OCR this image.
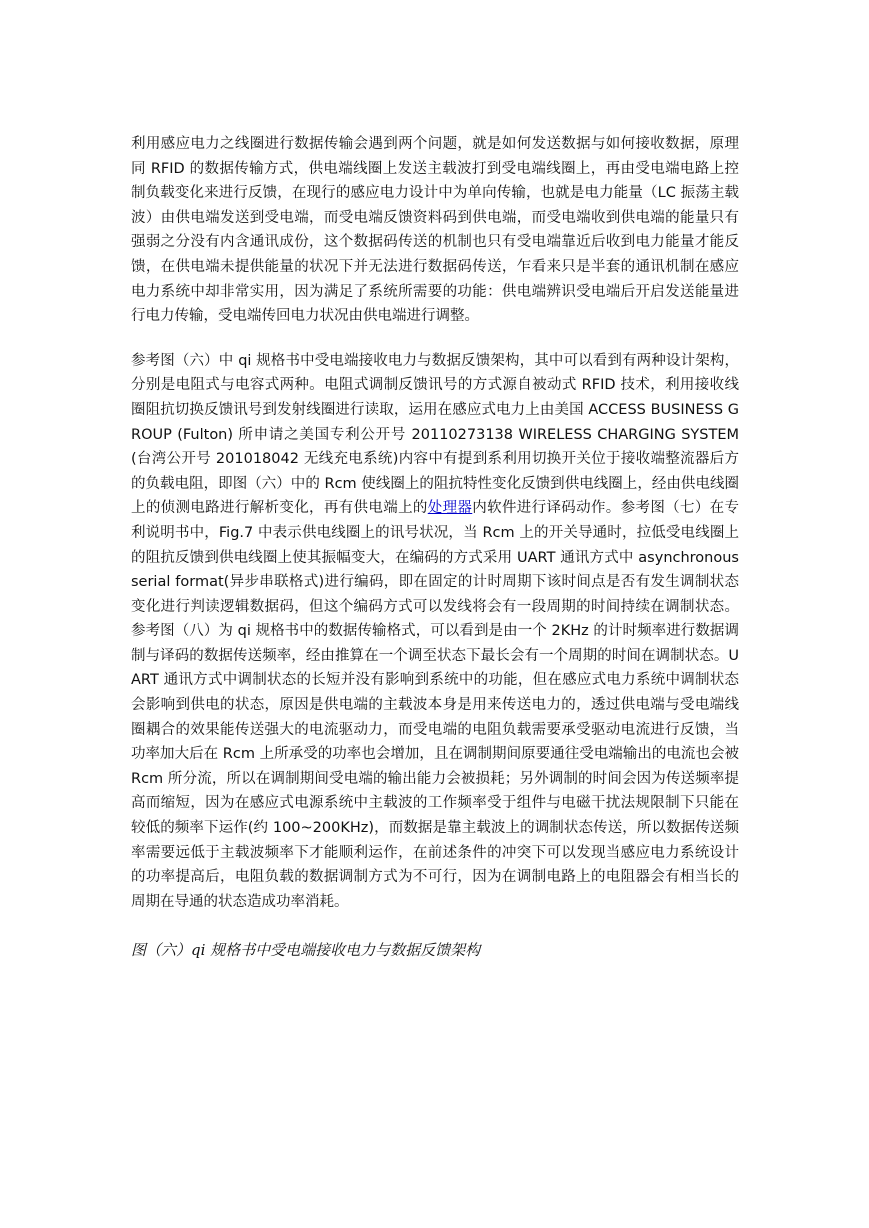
利用感应电力之线圈进行数据传输会遇到两个问题，就是如何发送数据与如何接收数据，原理同 RFID 的数据传输方式，供电端线圈上发送主载波打到受电端线圈上，再由受电端电路上控制负载变化来进行反馈，在现行的感应电力设计中为单向传输，也就是电力能量（LC 振荡主载波）由供电端发送到受电端，而受电端反馈资料码到供电端，而受电端收到供电端的能量只有强弱之分没有内含通讯成份，这个数据码传送的机制也只有受电端靠近后收到电力能量才能反馈，在供电端未提供能量的状况下并无法进行数据码传送，乍看来只是半套的通讯机制在感应电力系统中却非常实用，因为满足了系统所需要的功能：供电端辨识受电端后开启发送能量进行电力传输，受电端传回电力状况由供电端进行调整。

参考图（六）中 qi 规格书中受电端接收电力与数据反馈架构，其中可以看到有两种设计架构，分别是电阻式与电容式两种。电阻式调制反馈讯号的方式源自被动式 RFID 技术，利用接收线圈阻抗切换反馈讯号到发射线圈进行读取，运用在感应式电力上由美国 ACCESS BUSINESS GROUP (Fulton) 所申请之美国专利公开号 20110273138 WIRELESS CHARGING SYSTEM (台湾公开号 201018042 无线充电系统)内容中有提到系利用切换开关位于接收端整流器后方的负载电阻，即图（六）中的 Rcm 使线圈上的阻抗特性变化反馈到供电线圈上，经由供电线圈上的侦测电路进行解析变化，再有供电端上的处理器内软件进行译码动作。参考图（七）在专利说明书中，Fig.7 中表示供电线圈上的讯号状况，当 Rcm 上的开关导通时，拉低受电线圈上的阻抗反馈到供电线圈上使其振幅变大，在编码的方式采用 UART 通讯方式中 asynchronous serial format(异步串联格式)进行编码，即在固定的计时周期下该时间点是否有发生调制状态变化进行判读逻辑数据码，但这个编码方式可以发线将会有一段周期的时间持续在调制状态。参考图（八）为 qi 规格书中的数据传输格式，可以看到是由一个 2KHz 的计时频率进行数据调制与译码的数据传送频率，经由推算在一个调至状态下最长会有一个周期的时间在调制状态。UART 通讯方式中调制状态的长短并没有影响到系统中的功能，但在感应式电力系统中调制状态会影响到供电的状态，原因是供电端的主载波本身是用来传送电力的，透过供电端与受电端线圈耦合的效果能传送强大的电流驱动力，而受电端的电阻负载需要承受驱动电流进行反馈，当功率加大后在 Rcm 上所承受的功率也会增加，且在调制期间原要通往受电端输出的电流也会被 Rcm 所分流，所以在调制期间受电端的输出能力会被损耗；另外调制的时间会因为传送频率提高而缩短，因为在感应式电源系统中主载波的工作频率受于组件与电磁干扰法规限制下只能在较低的频率下运作(约 100~200KHz)，而数据是靠主载波上的调制状态传送，所以数据传送频率需要远低于主载波频率下才能顺利运作，在前述条件的冲突下可以发现当感应电力系统设计的功率提高后，电阻负载的数据调制方式为不可行，因为在调制电路上的电阻器会有相当长的周期在导通的状态造成功率消耗。

图（六）qi 规格书中受电端接收电力与数据反馈架构
